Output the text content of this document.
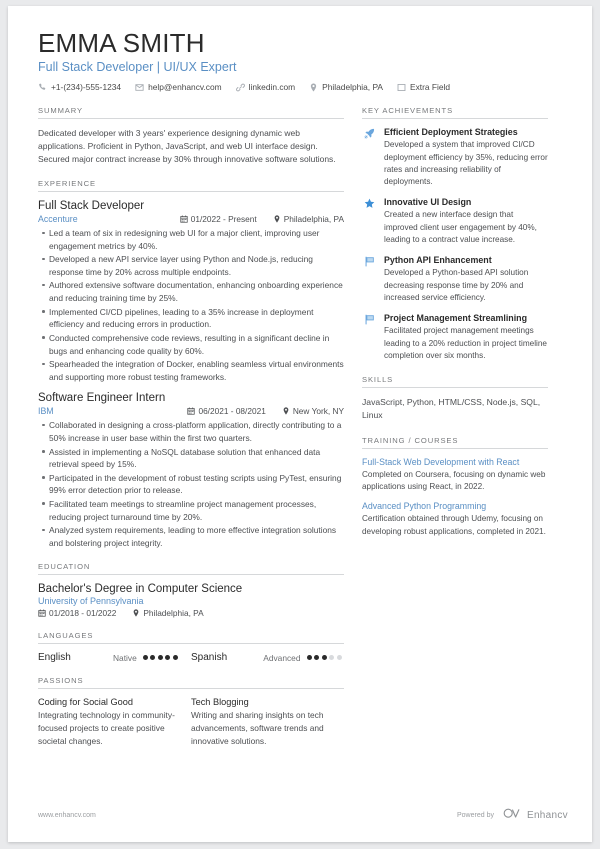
EMMA SMITH
Full Stack Developer | UI/UX Expert
+1-(234)-555-1234	help@enhancv.com	linkedin.com	Philadelphia, PA	Extra Field
SUMMARY
Dedicated developer with 3 years' experience designing dynamic web applications. Proficient in Python, JavaScript, and web UI interface design. Secured major contract increase by 30% through innovative software solutions.
EXPERIENCE
Full Stack Developer
Accenture	01/2022 - Present	Philadelphia, PA
Led a team of six in redesigning web UI for a major client, improving user engagement metrics by 40%.
Developed a new API service layer using Python and Node.js, reducing response time by 20% across multiple endpoints.
Authored extensive software documentation, enhancing onboarding experience and reducing training time by 25%.
Implemented CI/CD pipelines, leading to a 35% increase in deployment efficiency and reducing errors in production.
Conducted comprehensive code reviews, resulting in a significant decline in bugs and enhancing code quality by 60%.
Spearheaded the integration of Docker, enabling seamless virtual environments and supporting more robust testing frameworks.
Software Engineer Intern
IBM	06/2021 - 08/2021	New York, NY
Collaborated in designing a cross-platform application, directly contributing to a 50% increase in user base within the first two quarters.
Assisted in implementing a NoSQL database solution that enhanced data retrieval speed by 15%.
Participated in the development of robust testing scripts using PyTest, ensuring 99% error detection prior to release.
Facilitated team meetings to streamline project management processes, reducing project turnaround time by 20%.
Analyzed system requirements, leading to more effective integration solutions and bolstering project integrity.
EDUCATION
Bachelor's Degree in Computer Science
University of Pennsylvania
01/2018 - 01/2022	Philadelphia, PA
LANGUAGES
English	Native	Spanish	Advanced
PASSIONS
Coding for Social Good
Integrating technology in community-focused projects to create positive societal changes.
Tech Blogging
Writing and sharing insights on tech advancements, software trends and innovative solutions.
KEY ACHIEVEMENTS
Efficient Deployment Strategies
Developed a system that improved CI/CD deployment efficiency by 35%, reducing error rates and increasing reliability of deployments.
Innovative UI Design
Created a new interface design that improved client user engagement by 40%, leading to a contract value increase.
Python API Enhancement
Developed a Python-based API solution decreasing response time by 20% and increased service efficiency.
Project Management Streamlining
Facilitated project management meetings leading to a 20% reduction in project timeline completion over six months.
SKILLS
JavaScript, Python, HTML/CSS, Node.js, SQL, Linux
TRAINING / COURSES
Full-Stack Web Development with React
Completed on Coursera, focusing on dynamic web applications using React, in 2022.
Advanced Python Programming
Certification obtained through Udemy, focusing on developing robust applications, completed in 2021.
www.enhancv.com	Powered by	Enhancv
